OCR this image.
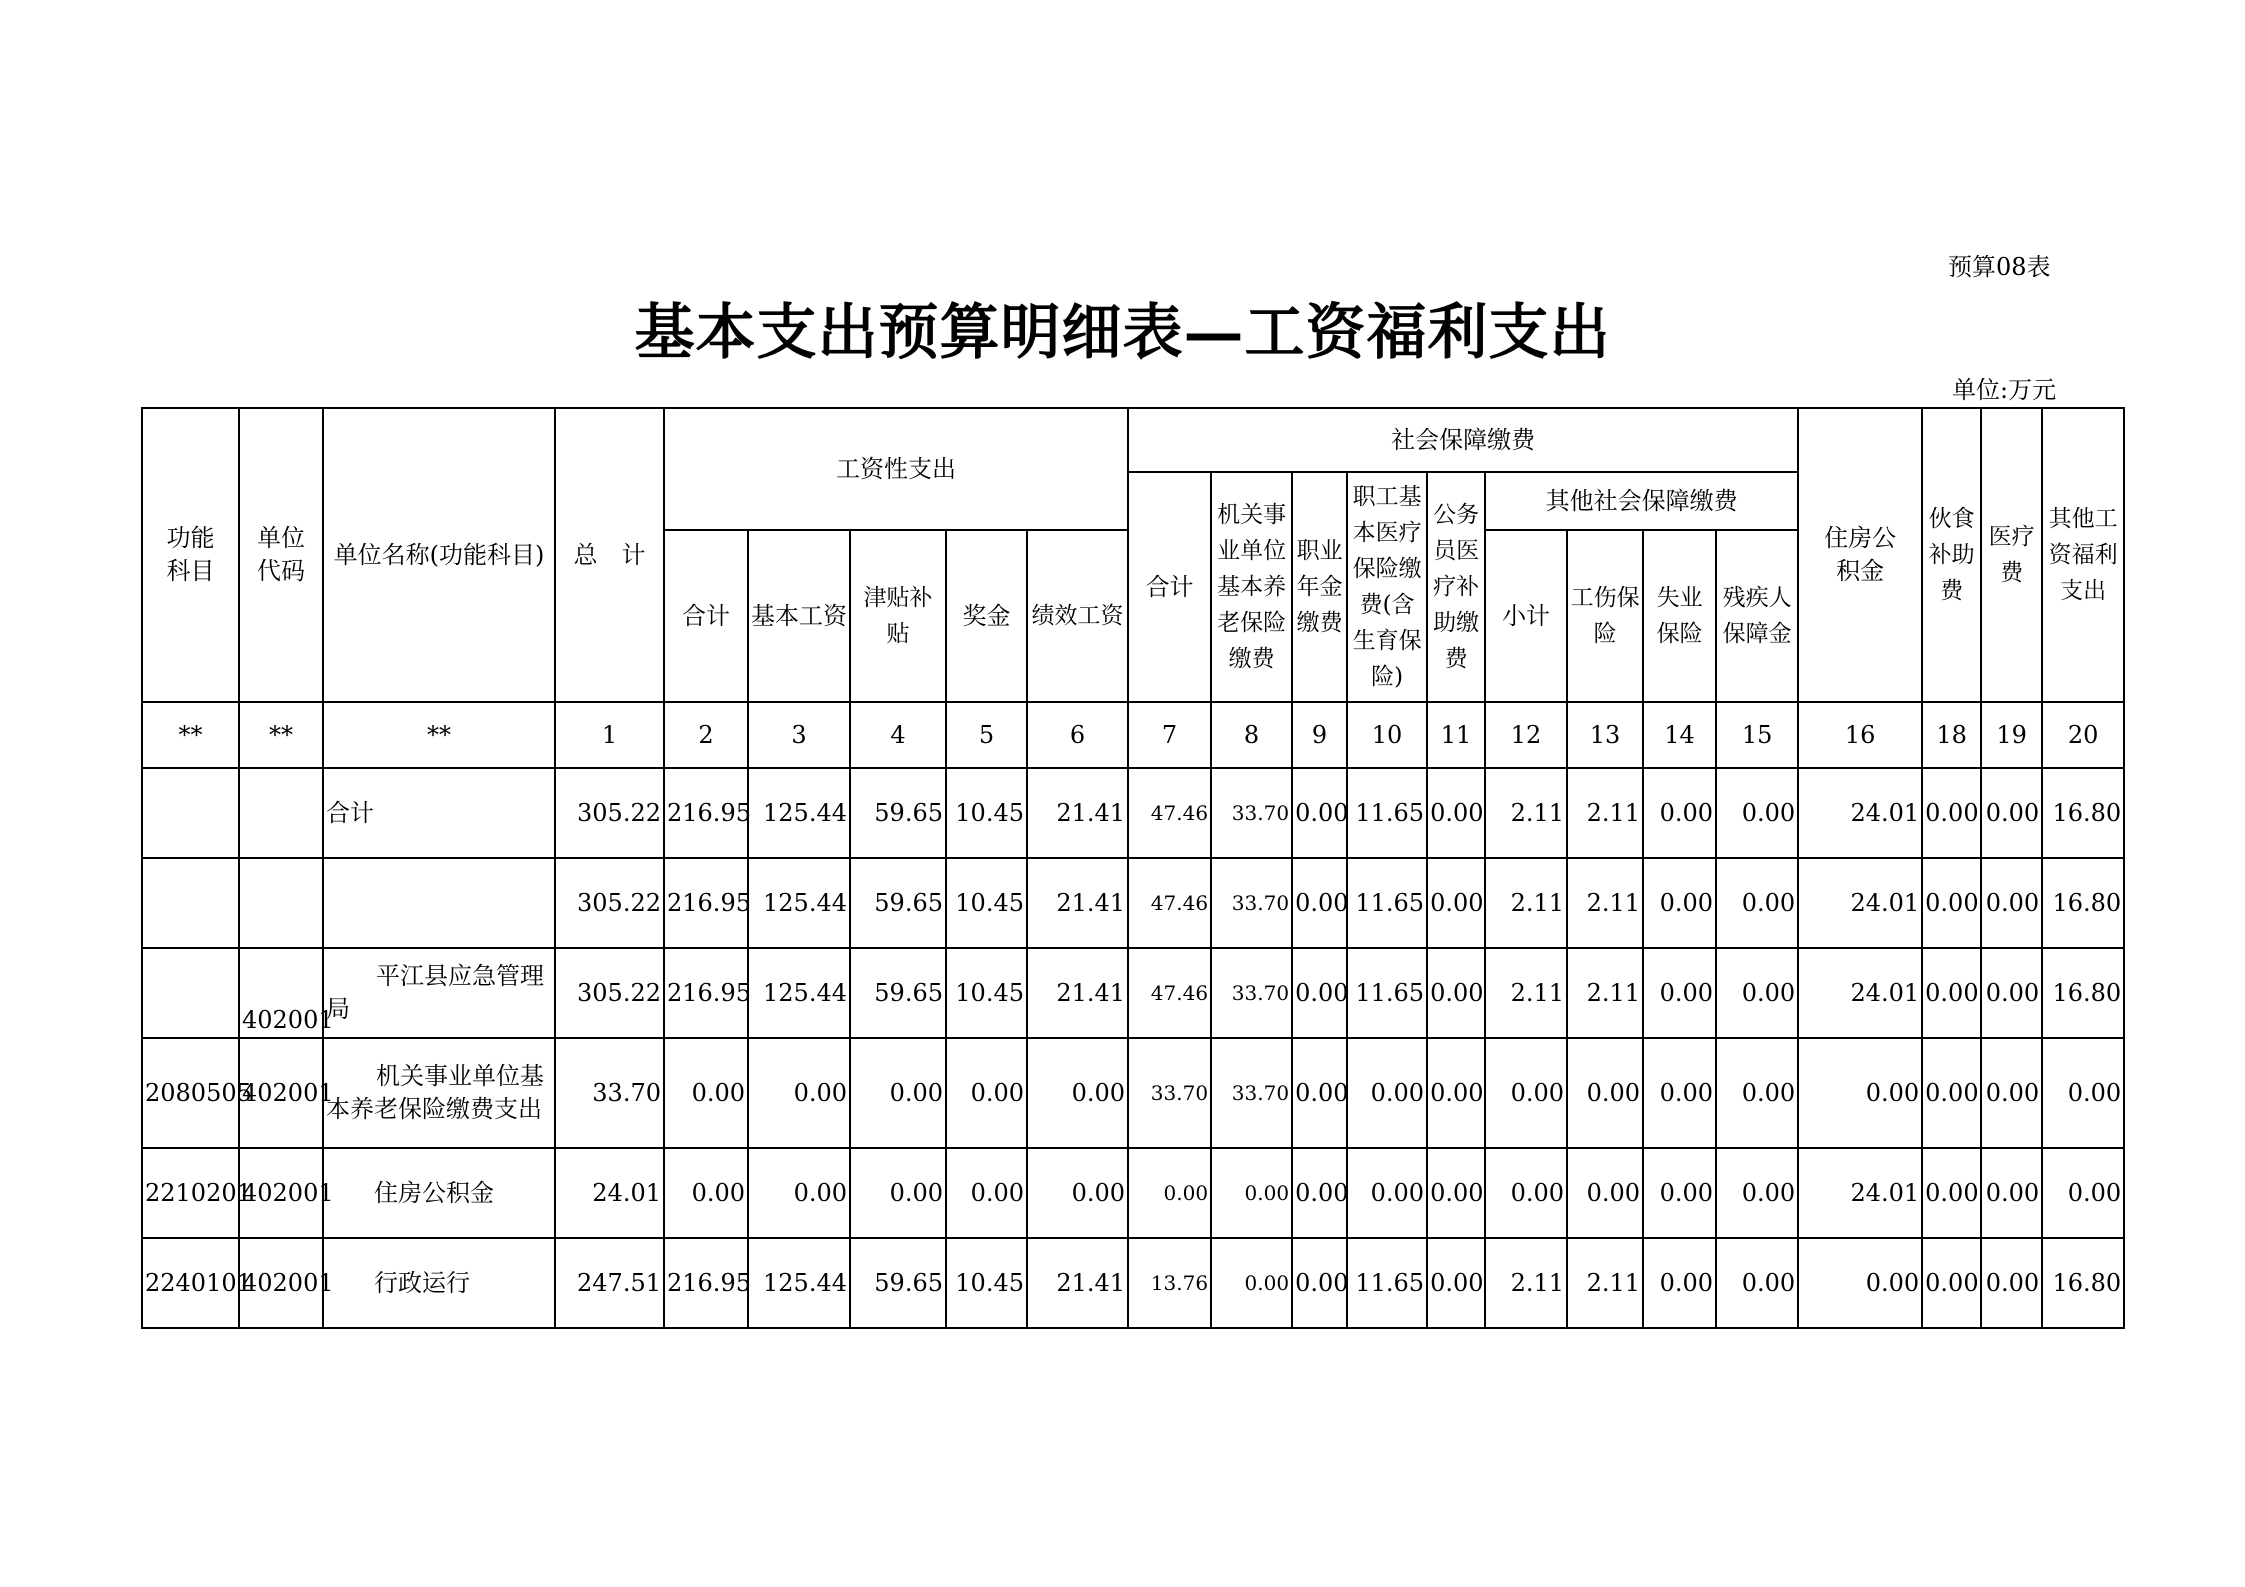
预算08表
基本支出预算明细表—工资福利支出
单位:万元
功能科目	单位代码	单位名称(功能科目)	总　计	工资性支出					社会保障缴费									住房公积金	伙食补助费	医疗费	其他工资福利支出
									合计	机关事业单位基本养老保险缴费	职业年金缴费	职工基本医疗保险缴费(含生育保险)	公务员医疗补助缴费	其他社会保障缴费							
				合计	基本工资	津贴补贴	奖金	绩效工资						小计	工伤保险	失业保险	残疾人保障金				
**	**	**	1	2	3	4	5	6	7	8	9	10	11	12	13	14	15	16	18	19	20
		合计	305.22	216.95	125.44	59.65	10.45	21.41	47.46	33.70	0.00	11.65	0.00	2.11	2.11	0.00	0.00	24.01	0.00	0.00	16.80
			305.22	216.95	125.44	59.65	10.45	21.41	47.46	33.70	0.00	11.65	0.00	2.11	2.11	0.00	0.00	24.01	0.00	0.00	16.80
	402001	平江县应急管理局	305.22	216.95	125.44	59.65	10.45	21.41	47.46	33.70	0.00	11.65	0.00	2.11	2.11	0.00	0.00	24.01	0.00	0.00	16.80
2080505	402001	机关事业单位基本养老保险缴费支出	33.70	0.00	0.00	0.00	0.00	0.00	33.70	33.70	0.00	0.00	0.00	0.00	0.00	0.00	0.00	0.00	0.00	0.00	0.00
2210201	402001	住房公积金	24.01	0.00	0.00	0.00	0.00	0.00	0.00	0.00	0.00	0.00	0.00	0.00	0.00	0.00	0.00	24.01	0.00	0.00	0.00
2240101	402001	行政运行	247.51	216.95	125.44	59.65	10.45	21.41	13.76	0.00	0.00	11.65	0.00	2.11	2.11	0.00	0.00	0.00	0.00	0.00	16.80
